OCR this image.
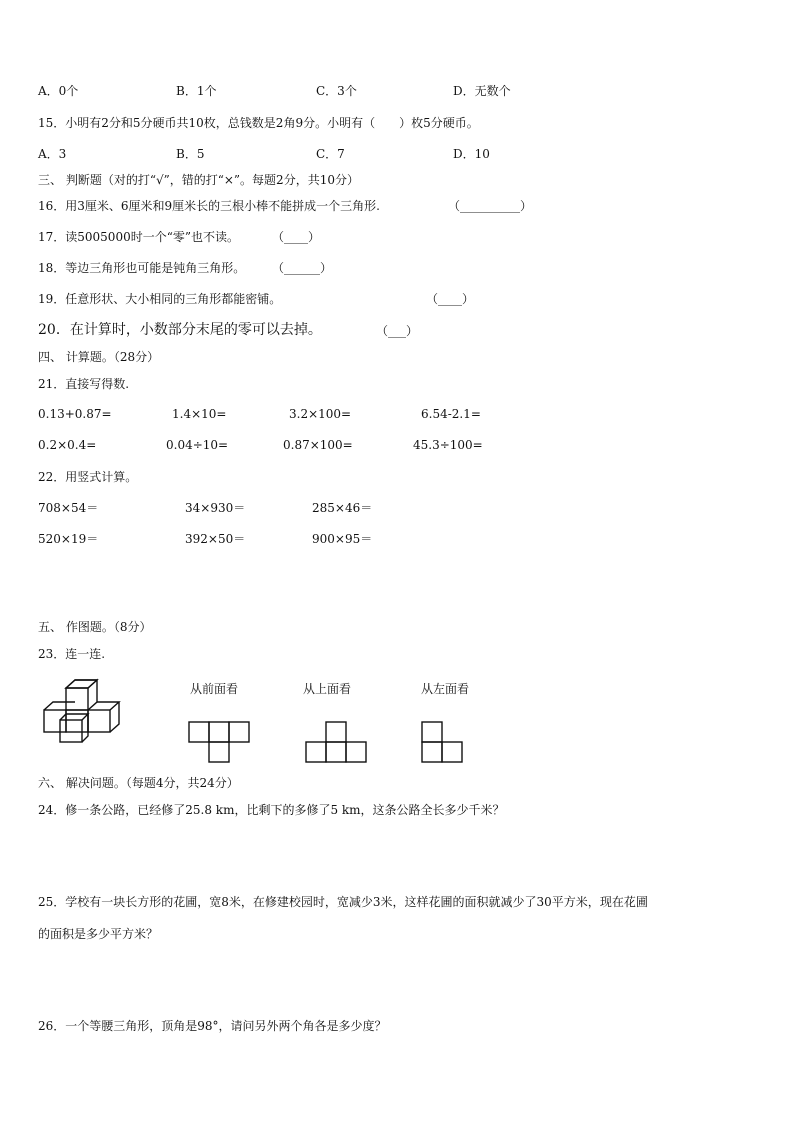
A．0个	B．1个	C．3个	D．无数个
15．小明有2分和5分硬币共10枚，总钱数是2角9分。小明有（　　）枚5分硬币。
A．3	B．5	C．7	D．10
三、 判断题（对的打“√”，错的打“×”。每题2分，共10分）
16．用3厘米、6厘米和9厘米长的三根小棒不能拼成一个三角形.	（__________）
17．读5005000时一个“零”也不读。	（____）
18．等边三角形也可能是钝角三角形。 （______）
19．任意形状、大小相同的三角形都能密铺。	（____）
20．在计算时，小数部分末尾的零可以去掉。	（___）
四、 计算题。（28分）
21．直接写得数.
0.13+0.87=	1.4×10=	3.2×100=	6.54-2.1=
0.2×0.4=	0.04÷10=	0.87×100=	45.3÷100=
22．用竖式计算。
708×54＝	34×930＝	285×46＝
520×19＝	392×50＝	900×95＝
五、 作图题。（8分）
23．连一连.
从前面看	从上面看	从左面看
六、 解决问题。（每题4分，共24分）
24．修一条公路，已经修了25.8 km，比剩下的多修了5 km，这条公路全长多少千米？
25．学校有一块长方形的花圃，宽8米，在修建校园时，宽减少3米，这样花圃的面积就减少了30平方米，现在花圃
的面积是多少平方米？
26．一个等腰三角形，顶角是98°，请问另外两个角各是多少度？
